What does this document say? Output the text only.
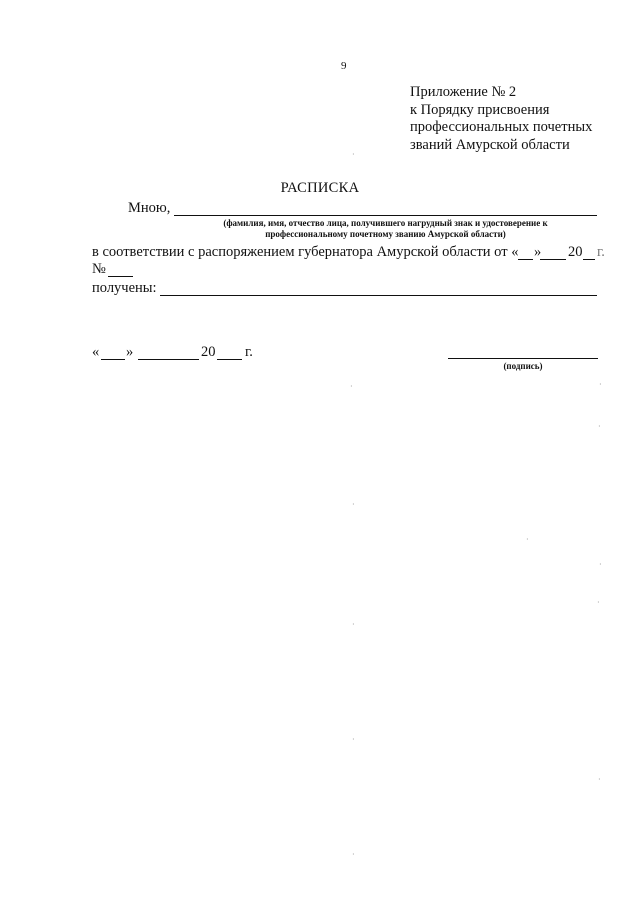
9
Приложение № 2
к Порядку присвоения
профессиональных почетных
званий Амурской области
РАСПИСКА
Мною,
(фамилия, имя, отчество лица, получившего нагрудный знак и удостоверение к
профессиональному почетному званию Амурской области)
в соответствии с распоряжением губернатора Амурской области от « » 20 г.
№
получены:
« »	20 г.
(подпись)
·
·	·
·
·
·
·
·
·
·
·
·
